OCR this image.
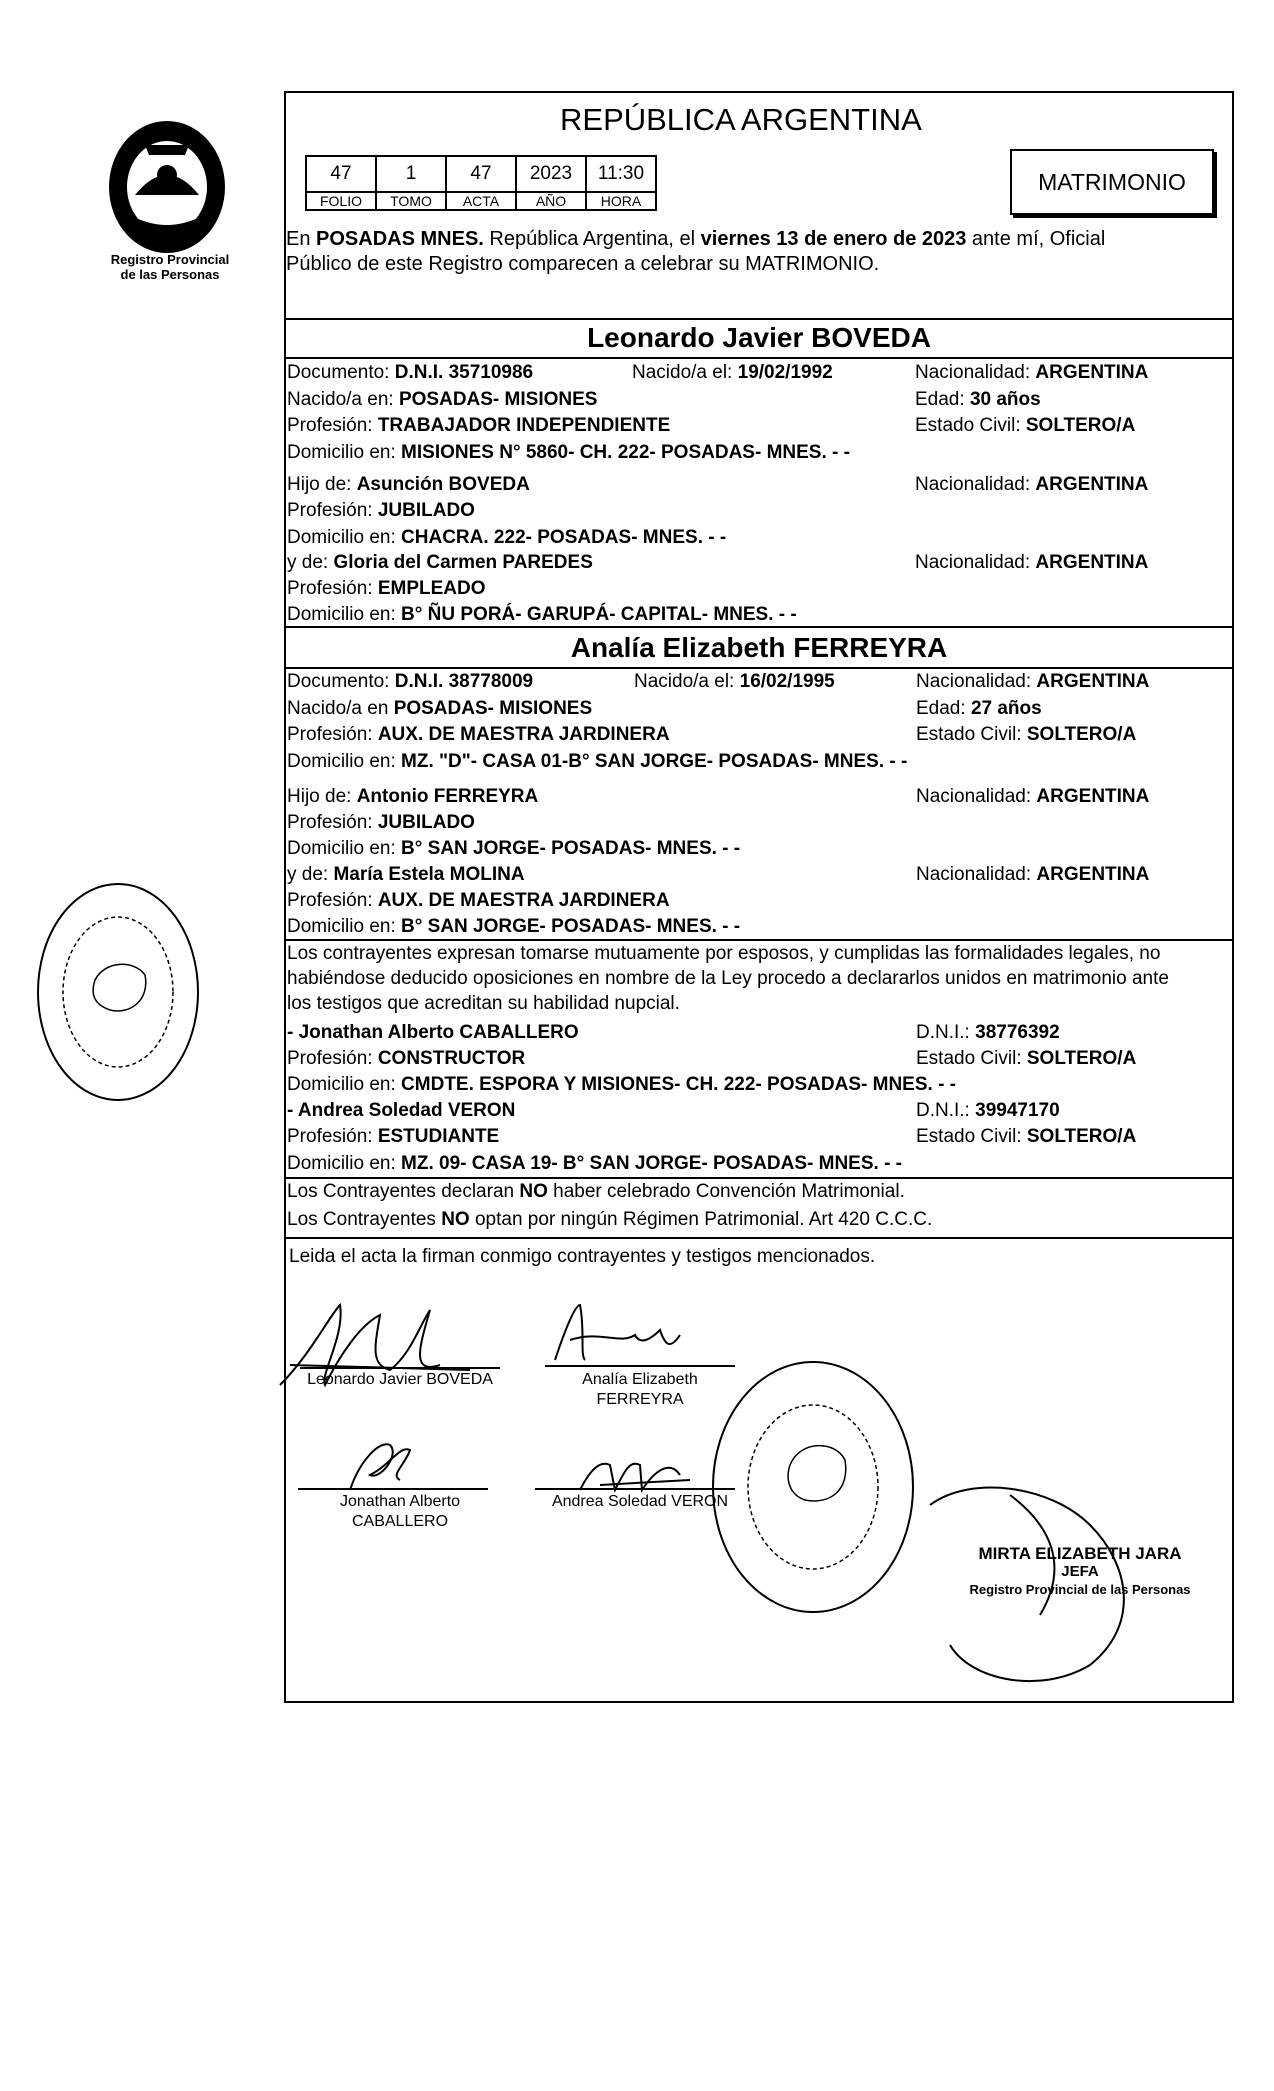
Registro Provincial
de las Personas
REPÚBLICA ARGENTINA
47	1	47	2023	11:30
FOLIO	TOMO	ACTA	AÑO	HORA
MATRIMONIO
En POSADAS MNES. República Argentina, el viernes 13 de enero de 2023 ante mí, Oficial
Público de este Registro comparecen a celebrar su MATRIMONIO.
Leonardo Javier BOVEDA
Documento: D.N.I. 35710986	Nacido/a el: 19/02/1992	Nacionalidad: ARGENTINA
Nacido/a en: POSADAS- MISIONES	Edad: 30 años
Profesión: TRABAJADOR INDEPENDIENTE	Estado Civil: SOLTERO/A
Domicilio en: MISIONES N° 5860- CH. 222- POSADAS- MNES. - -
Hijo de: Asunción BOVEDA	Nacionalidad: ARGENTINA
Profesión: JUBILADO
Domicilio en: CHACRA. 222- POSADAS- MNES. - -
y de: Gloria del Carmen PAREDES	Nacionalidad: ARGENTINA
Profesión: EMPLEADO
Domicilio en: B° ÑU PORÁ- GARUPÁ- CAPITAL- MNES. - -
Analía Elizabeth FERREYRA
Documento: D.N.I. 38778009	Nacido/a el: 16/02/1995	Nacionalidad: ARGENTINA
Nacido/a en POSADAS- MISIONES	Edad: 27 años
Profesión: AUX. DE MAESTRA JARDINERA	Estado Civil: SOLTERO/A
Domicilio en: MZ. "D"- CASA 01-B° SAN JORGE- POSADAS- MNES. - -
Hijo de: Antonio FERREYRA	Nacionalidad: ARGENTINA
Profesión: JUBILADO
Domicilio en: B° SAN JORGE- POSADAS- MNES. - -
y de: María Estela MOLINA	Nacionalidad: ARGENTINA
Profesión: AUX. DE MAESTRA JARDINERA
Domicilio en: B° SAN JORGE- POSADAS- MNES. - -
Los contrayentes expresan tomarse mutuamente por esposos, y cumplidas las formalidades legales, no
habiéndose deducido oposiciones en nombre de la Ley procedo a declararlos unidos en matrimonio ante
los testigos que acreditan su habilidad nupcial.
- Jonathan Alberto CABALLERO	D.N.I.: 38776392
Profesión: CONSTRUCTOR	Estado Civil: SOLTERO/A
Domicilio en: CMDTE. ESPORA Y MISIONES- CH. 222- POSADAS- MNES. - -
- Andrea Soledad VERON	D.N.I.: 39947170
Profesión: ESTUDIANTE	Estado Civil: SOLTERO/A
Domicilio en: MZ. 09- CASA 19- B° SAN JORGE- POSADAS- MNES. - -
Los Contrayentes declaran NO haber celebrado Convención Matrimonial.
Los Contrayentes NO optan por ningún Régimen Patrimonial. Art 420 C.C.C.
Leida el acta la firman conmigo contrayentes y testigos mencionados.
Leonardo Javier BOVEDA	Analía Elizabeth
FERREYRA
Jonathan Alberto
CABALLERO
Andrea Soledad VERON
MIRTA ELIZABETH JARA
JEFA
Registro Provincial de las Personas
